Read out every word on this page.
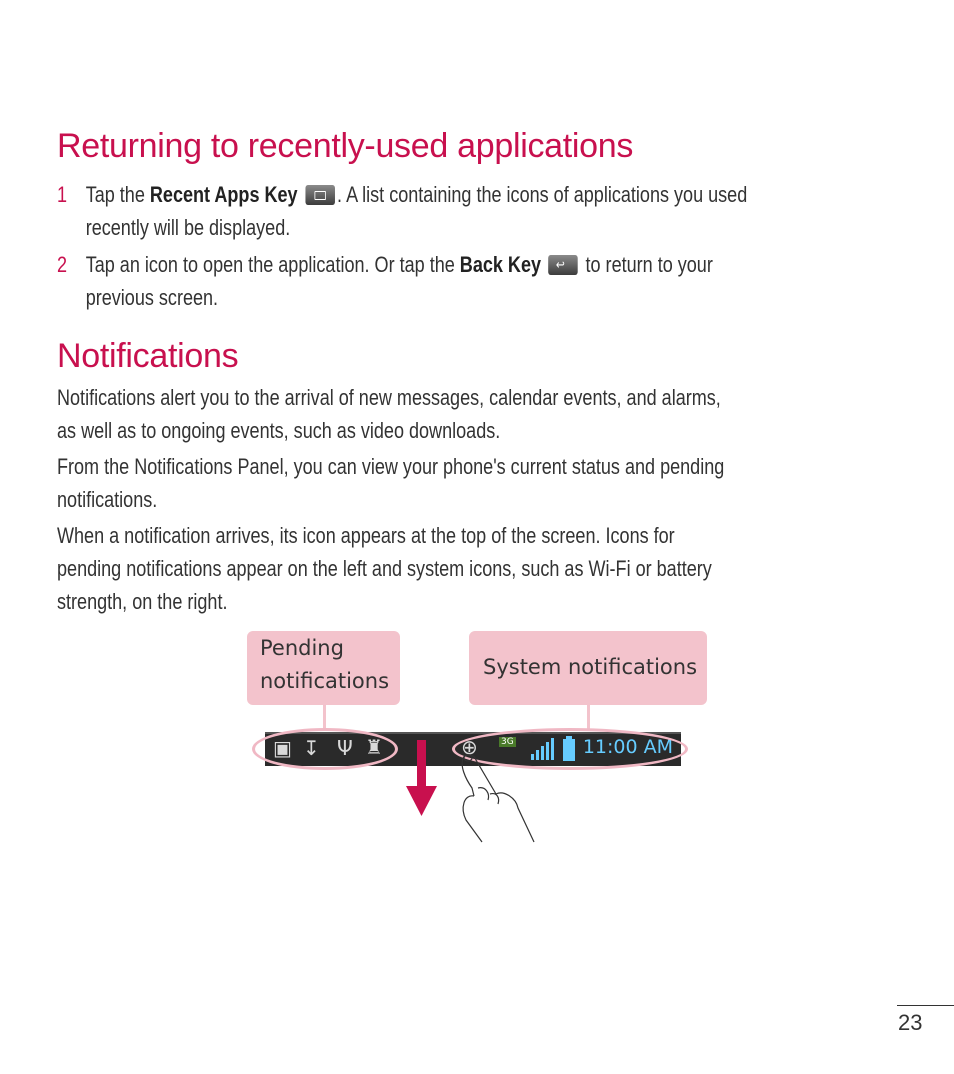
Returning to recently-used applications
1 Tap the Recent Apps Key . A list containing the icons of applications you used
recently will be displayed.
2 Tap an icon to open the application. Or tap the Back Key ↩ to return to your
previous screen.
Notifications
Notifications alert you to the arrival of new messages, calendar events, and alarms,
as well as to ongoing events, such as video downloads.
From the Notifications Panel, you can view your phone's current status and pending
notifications.
When a notification arrives, its icon appears at the top of the screen. Icons for
pending notifications appear on the left and system icons, such as Wi-Fi or battery
strength, on the right.
Pending
notifications
System notifications
▣ ↧ Ψ ♜	⊕	3G	11:00 AM
23
